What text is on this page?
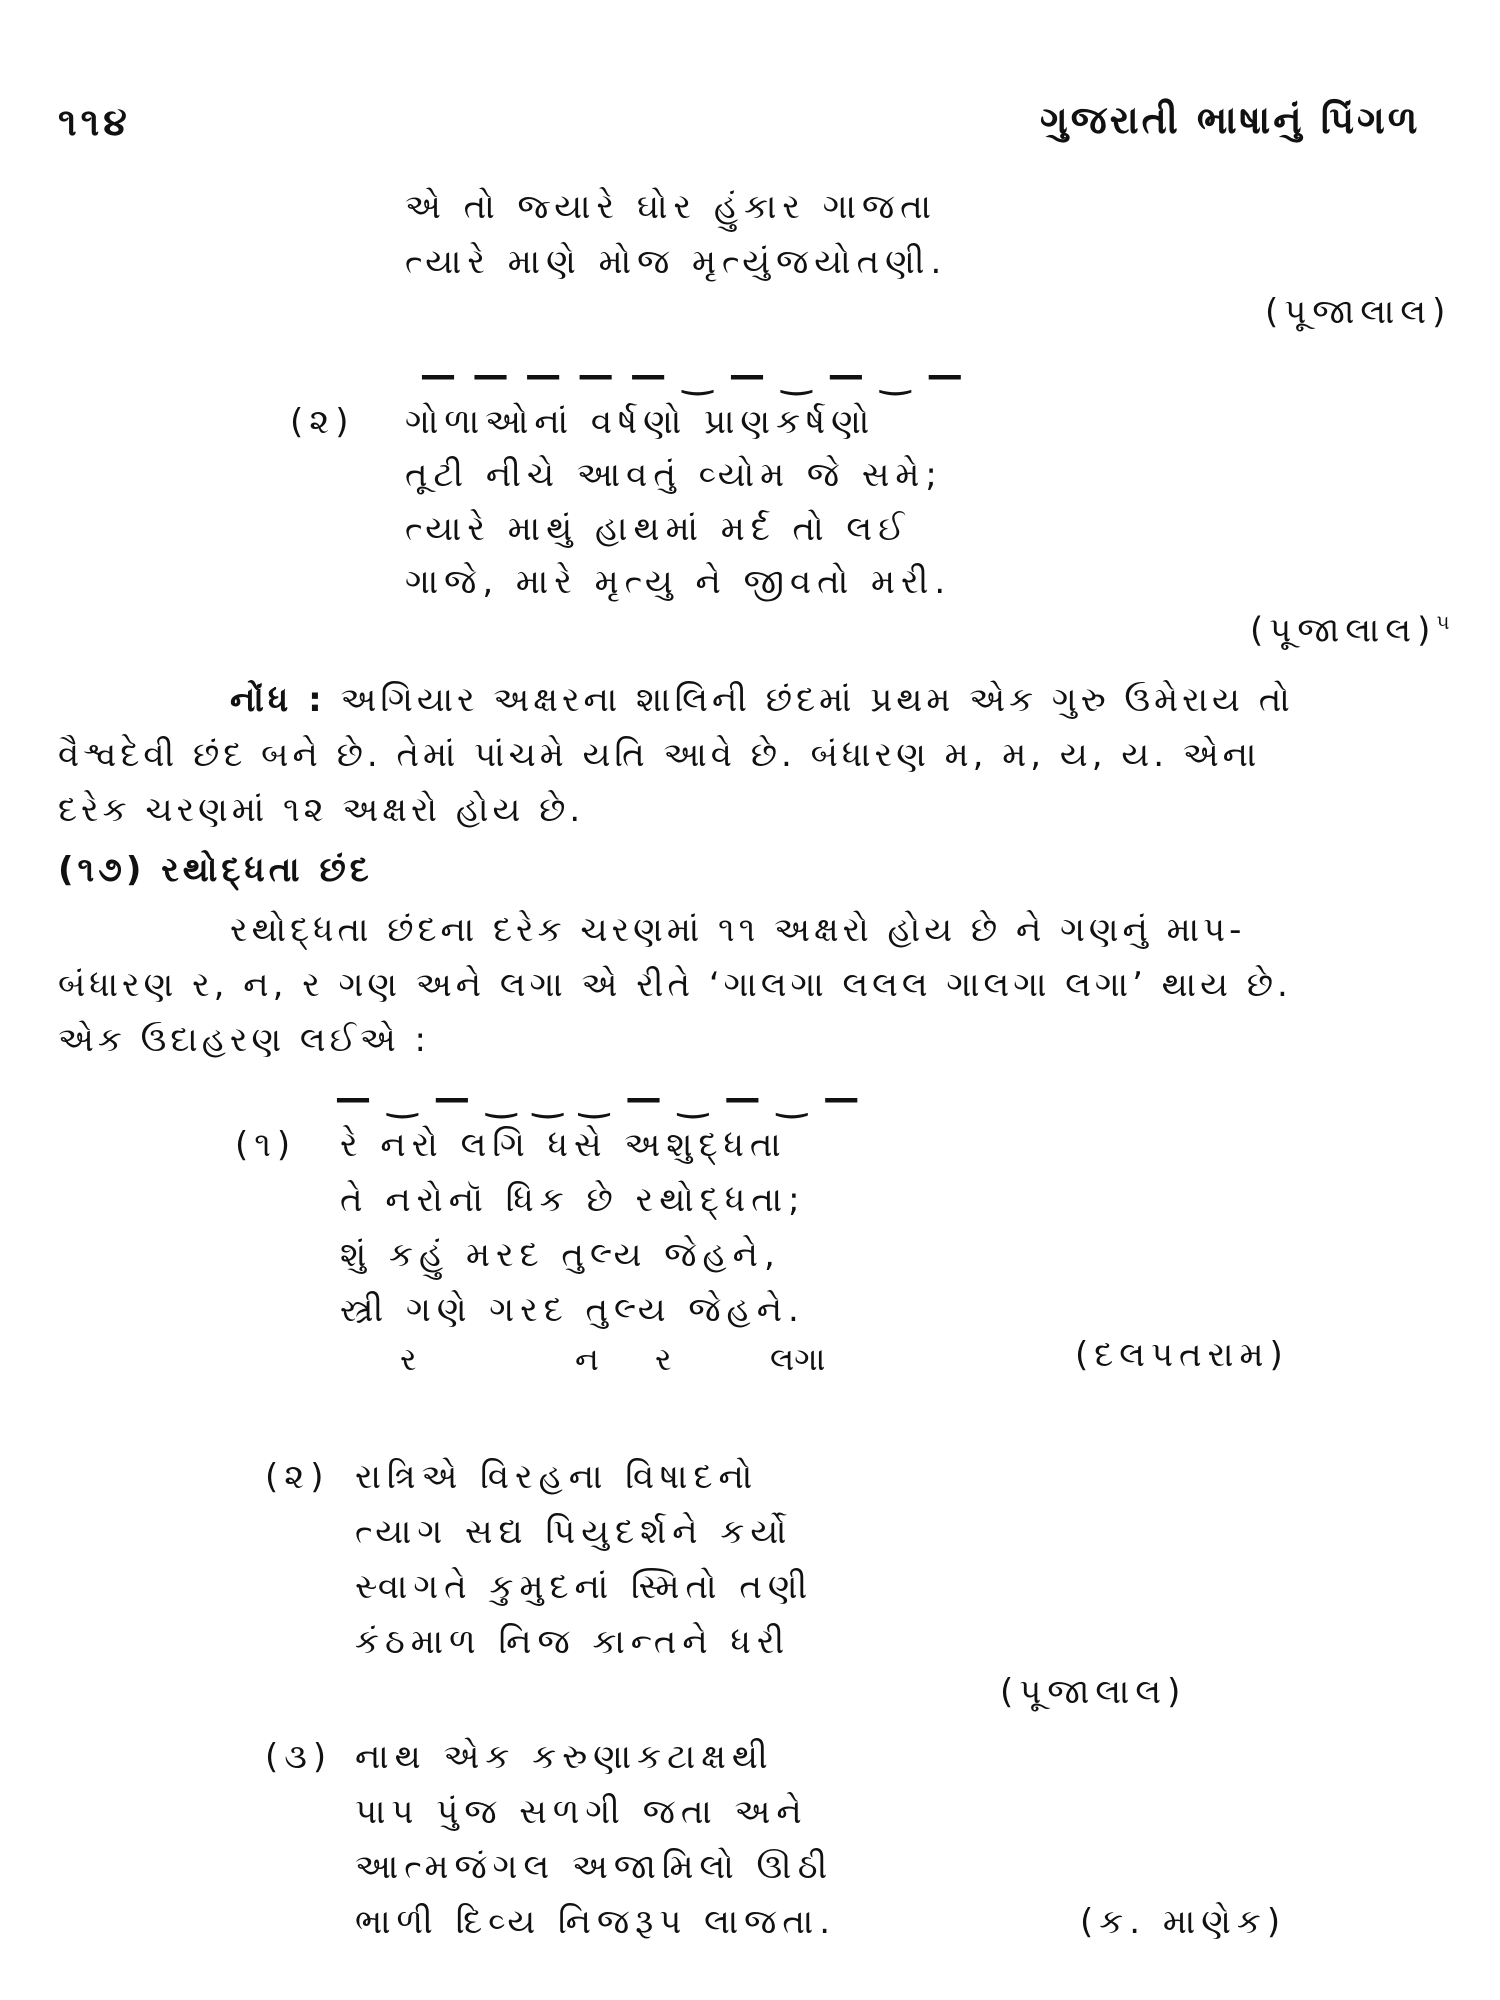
૧૧૪	ગુજરાતી ભાષાનું પિંગળ
એ તો જ્યારે ઘોર હુંકાર ગાજતા
ત્યારે માણે મોજ મૃત્યુંજયોતણી.
(પૂજાલાલ)
— — — — — ‿ — ‿ — ‿ —
(૨) ગોળાઓનાં વર્ષણો પ્રાણકર્ષણો
તૂટી નીચે આવતું વ્યોમ જે સમે;
ત્યારે માથું હાથમાં મર્દ તો લઈ
ગાજે, મારે મૃત્યુ ને જીવતો મરી.
(પૂજાલાલ)$^૫$
નોંધ : અગિયાર અક્ષરના શાલિની છંદમાં પ્રથમ એક ગુરુ ઉમેરાય તો
વૈશ્વદેવી છંદ બને છે. તેમાં પાંચમે યતિ આવે છે. બંધારણ મ, મ, ય, ય. એના
દરેક ચરણમાં ૧૨ અક્ષરો હોય છે.
(૧૭) રથોદ્ધતા છંદ
રથોદ્ધતા છંદના દરેક ચરણમાં ૧૧ અક્ષરો હોય છે ને ગણનું માપ-
બંધારણ ર, ન, ર ગણ અને લગા એ રીતે ‘ગાલગા લલલ ગાલગા લગા’ થાય છે.
એક ઉદાહરણ લઈએ :
— ‿ — ‿ ‿ ‿ — ‿ — ‿ —
(૧) રે નરો લગિ ધસે અશુદ્ધતા
તે નરોનૉ ધિક છે રથોદ્ધતા;
શું કહું મરદ તુલ્ય જેહને,
સ્ત્રી ગણે ગરદ તુલ્ય જેહને.
ર	ન ર	લગા	(દલપતરામ)
(૨) રાત્રિએ વિરહના વિષાદનો
ત્યાગ સદ્ય પિયુદર્શને કર્યો
સ્વાગતે કુમુદનાં સ્મિતો તણી
કંઠમાળ નિજ કાન્તને ધરી
(પૂજાલાલ)
(૩) નાથ એક કરુણાકટાક્ષથી
પાપ પુંજ સળગી જતા અને
આત્મજંગલ અજામિલો ઊઠી
ભાળી દિવ્ય નિજરૂપ લાજતા.	(ક. માણેક)
